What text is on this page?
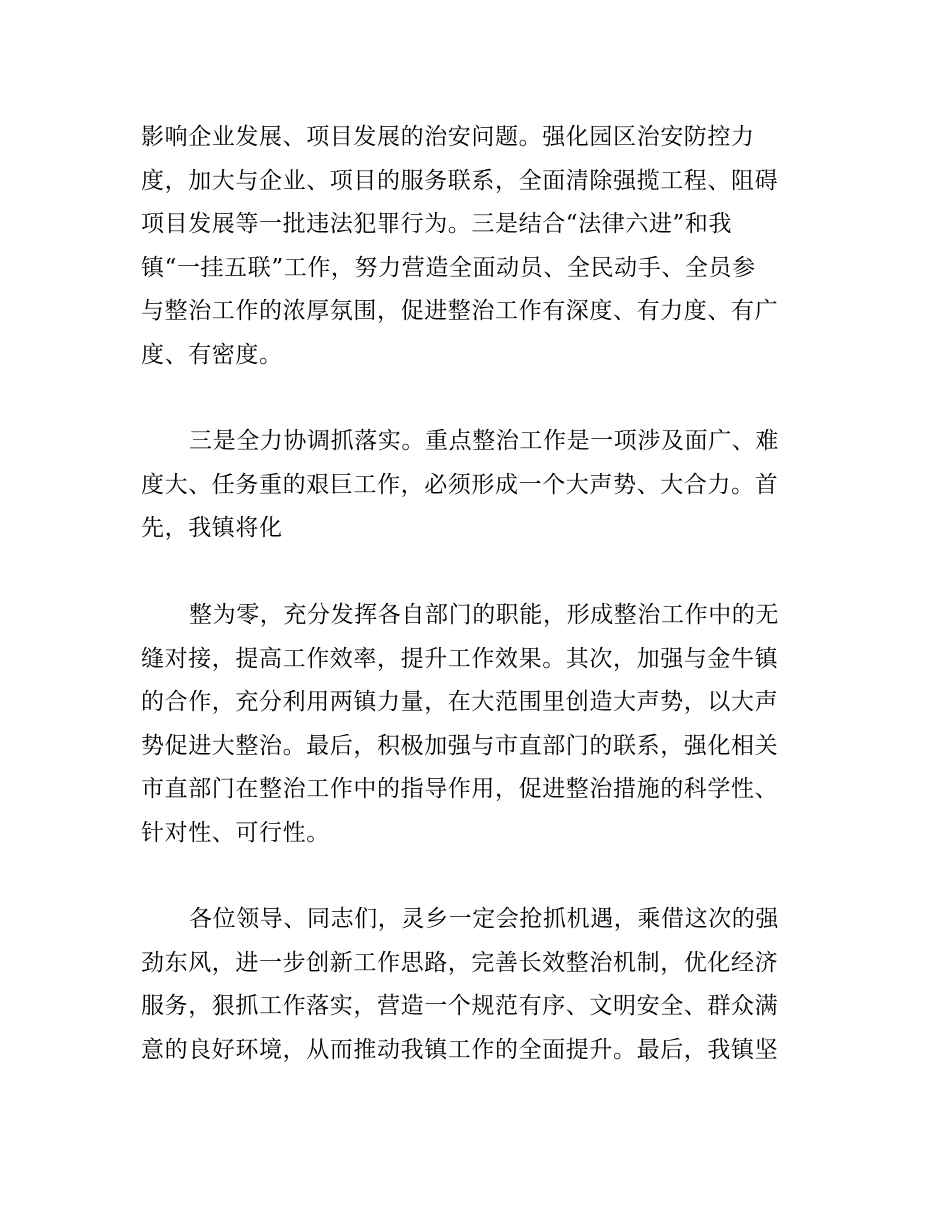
影响企业发展、项目发展的治安问题。强化园区治安防控力
度，加大与企业、项目的服务联系，全面清除强揽工程、阻碍
项目发展等一批违法犯罪行为。三是结合“法律六进”和我
镇“一挂五联”工作，努力营造全面动员、全民动手、全员参
与整治工作的浓厚氛围，促进整治工作有深度、有力度、有广
度、有密度。

三是全力协调抓落实。重点整治工作是一项涉及面广、难
度大、任务重的艰巨工作，必须形成一个大声势、大合力。首
先，我镇将化

整为零，充分发挥各自部门的职能，形成整治工作中的无
缝对接，提高工作效率，提升工作效果。其次，加强与金牛镇
的合作，充分利用两镇力量，在大范围里创造大声势，以大声
势促进大整治。最后，积极加强与市直部门的联系，强化相关
市直部门在整治工作中的指导作用，促进整治措施的科学性、
针对性、可行性。

各位领导、同志们，灵乡一定会抢抓机遇，乘借这次的强
劲东风，进一步创新工作思路，完善长效整治机制，优化经济
服务，狠抓工作落实，营造一个规范有序、文明安全、群众满
意的良好环境，从而推动我镇工作的全面提升。最后，我镇坚
